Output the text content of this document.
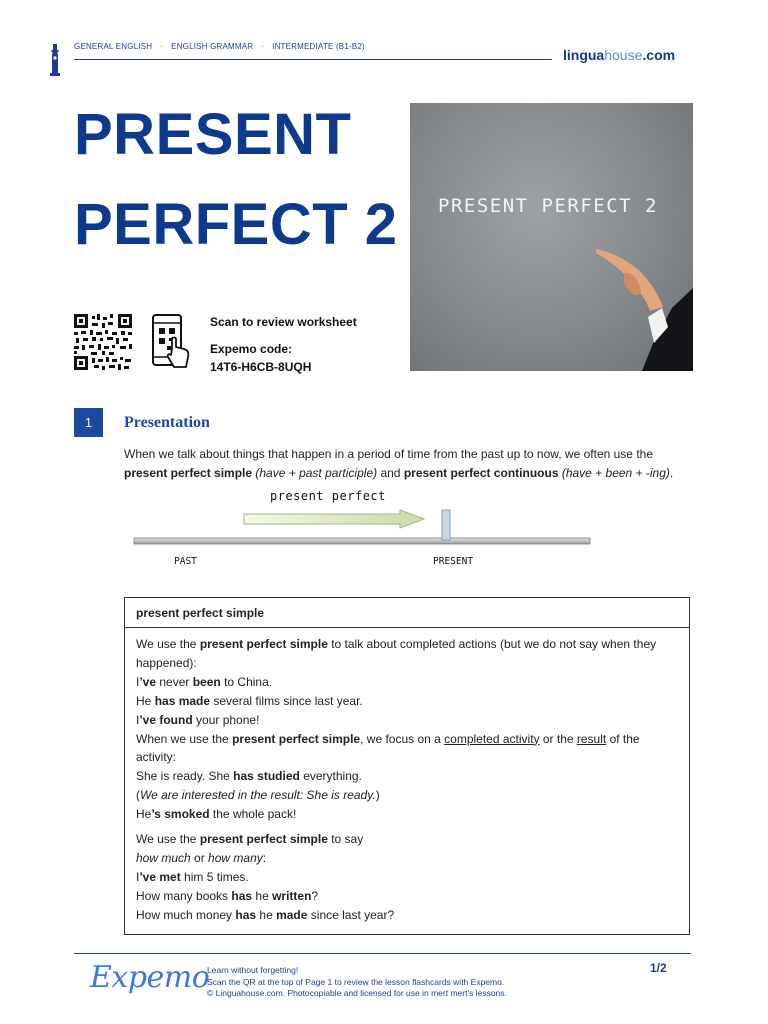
GENERAL ENGLISH · ENGLISH GRAMMAR · INTERMEDIATE (B1-B2)
linguahouse.com
PRESENT
PERFECT 2 PRESENT PERFECT 2
Scan to review worksheet
Expemo code:
14T6-H6CB-8UQH
1	Presentation
When we talk about things that happen in a period of time from the past up to now, we often use the present perfect simple (have + past participle) and present perfect continuous (have + been + -ing).
present perfect
PAST	PRESENT
present perfect simple

We use the present perfect simple to talk about completed actions (but we do not say when they happened):

I’ve never been to China.

He has made several films since last year.

I’ve found your phone!

When we use the present perfect simple, we focus on a completed activity or the result of the activity:

She is ready. She has studied everything.

(We are interested in the result: She is ready.)

He’s smoked the whole pack!

We use the present perfect simple to say

how much or how many:

I’ve met him 5 times.

How many books has he written?

How much money has he made since last year?

Expemo
Learn without forgetting!
Scan the QR at the top of Page 1 to review the lesson flashcards with Expemo.
© Linguahouse.com. Photocopiable and licensed for use in mert mert's lessons.
1/2
